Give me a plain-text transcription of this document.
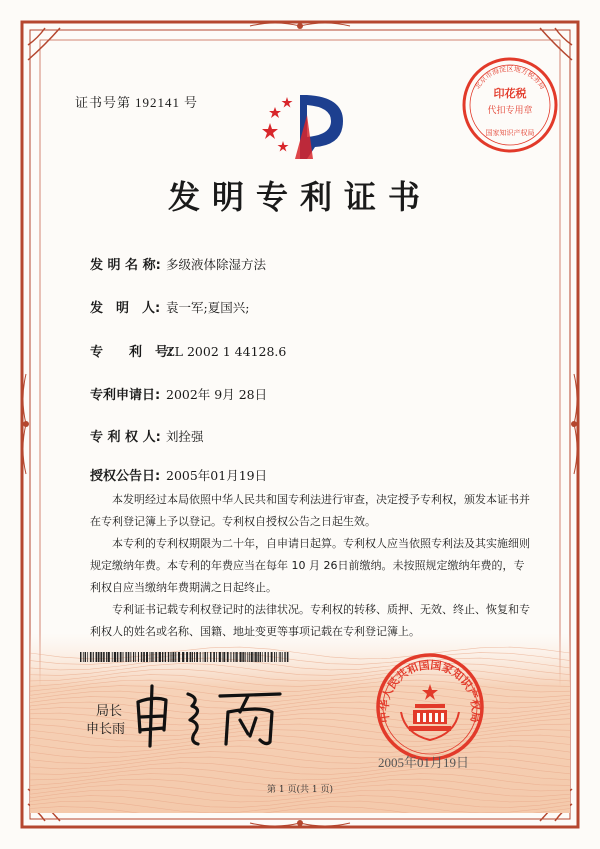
证书号第 192141 号
印花税
代扣专用章
北京市海淀区地方税务局
国家知识产权局
发明专利证书
发 明 名 称: 多级液体除湿方法
发　明　人: 袁一军;夏国兴;
专　　利　号:ZL 2002 1 44128.6
专利申请日: 2002年 9月 28日
专 利 权 人: 刘拴强
授权公告日: 2005年01月19日

本发明经过本局依照中华人民共和国专利法进行审查，决定授予专利权，颁发本证书并在专利登记簿上予以登记。专利权自授权公告之日起生效。

本专利的专利权期限为二十年，自申请日起算。专利权人应当依照专利法及其实施细则规定缴纳年费。本专利的年费应当在每年 10 月 26日前缴纳。未按照规定缴纳年费的，专利权自应当缴纳年费期满之日起终止。

专利证书记载专利权登记时的法律状况。专利权的转移、质押、无效、终止、恢复和专利权人的姓名或名称、国籍、地址变更等事项记载在专利登记簿上。

局长
申长雨
中华人民共和国国家知识产权局
2005年01月19日
第 1 页(共 1 页)
